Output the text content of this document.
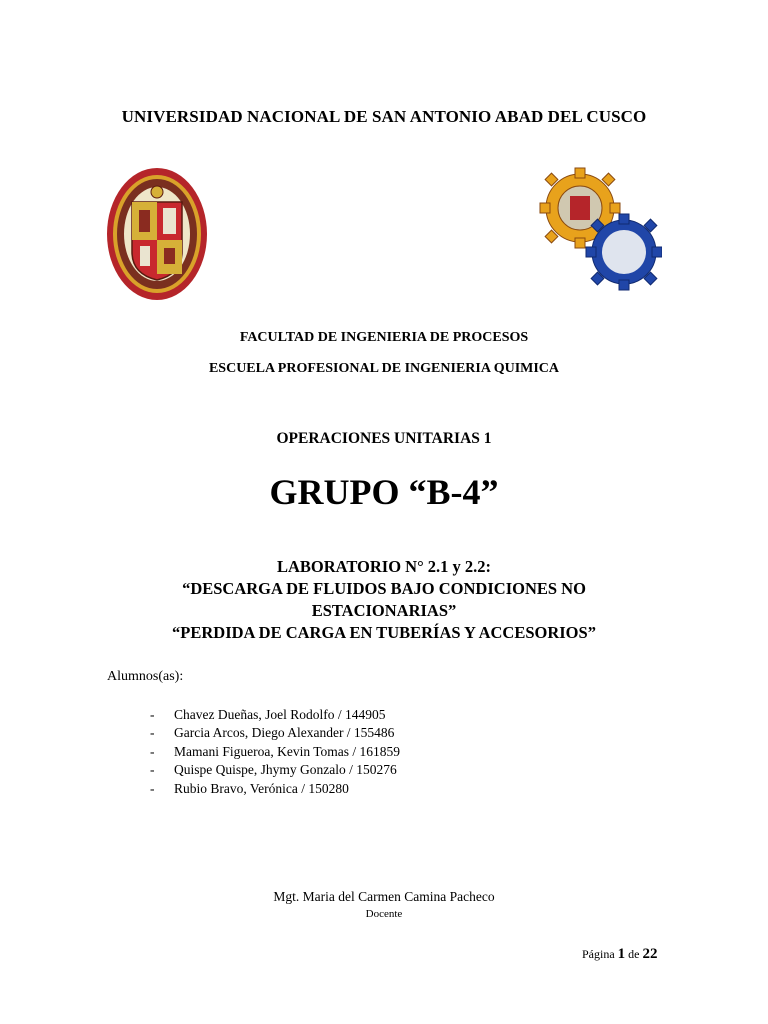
UNIVERSIDAD NACIONAL DE SAN ANTONIO ABAD DEL CUSCO
FACULTAD DE INGENIERIA DE PROCESOS
ESCUELA PROFESIONAL DE INGENIERIA QUIMICA
OPERACIONES UNITARIAS 1
GRUPO “B-4”
LABORATORIO N° 2.1 y 2.2:
“DESCARGA DE FLUIDOS BAJO CONDICIONES NO
ESTACIONARIAS”
“PERDIDA DE CARGA EN TUBERÍAS Y ACCESORIOS”
Alumnos(as):
- Chavez Dueñas, Joel Rodolfo / 144905
- Garcia Arcos, Diego Alexander / 155486
- Mamani Figueroa, Kevin Tomas / 161859
- Quispe Quispe, Jhymy Gonzalo / 150276
- Rubio Bravo, Verónica / 150280
Mgt. Maria del Carmen Camina Pacheco
Docente
Página 1 de 22
